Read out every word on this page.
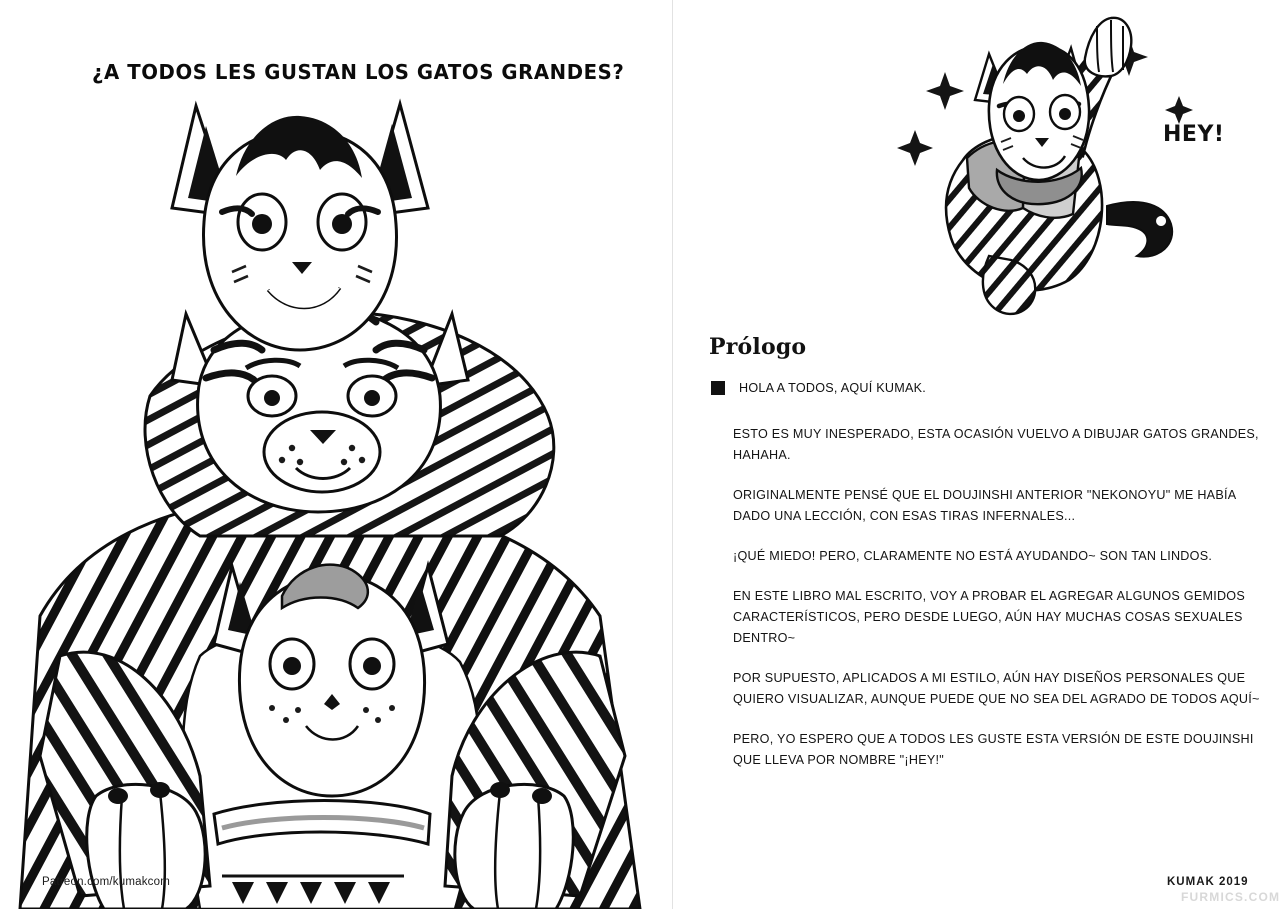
¿A TODOS LES GUSTAN LOS GATOS GRANDES?
Patreon.com/kumakcom
HEY!
Prólogo
HOLA A TODOS, AQUÍ KUMAK.

ESTO ES MUY INESPERADO, ESTA OCASIÓN VUELVO A DIBUJAR GATOS GRANDES, HAHAHA.

ORIGINALMENTE PENSÉ QUE EL DOUJINSHI ANTERIOR "NEKONOYU" ME HABÍA DADO UNA LECCIÓN, CON ESAS TIRAS INFERNALES...

¡QUÉ MIEDO! PERO, CLARAMENTE NO ESTÁ AYUDANDO~ SON TAN LINDOS.

EN ESTE LIBRO MAL ESCRITO, VOY A PROBAR EL AGREGAR ALGUNOS GEMIDOS CARACTERÍSTICOS, PERO DESDE LUEGO, AÚN HAY MUCHAS COSAS SEXUALES DENTRO~

POR SUPUESTO, APLICADOS A MI ESTILO, AÚN HAY DISEÑOS PERSONALES QUE QUIERO VISUALIZAR, AUNQUE PUEDE QUE NO SEA DEL AGRADO DE TODOS AQUÍ~

PERO, YO ESPERO QUE A TODOS LES GUSTE ESTA VERSIÓN DE ESTE DOUJINSHI QUE LLEVA POR NOMBRE "¡HEY!"

KUMAK 2019
FURMICS.COM
